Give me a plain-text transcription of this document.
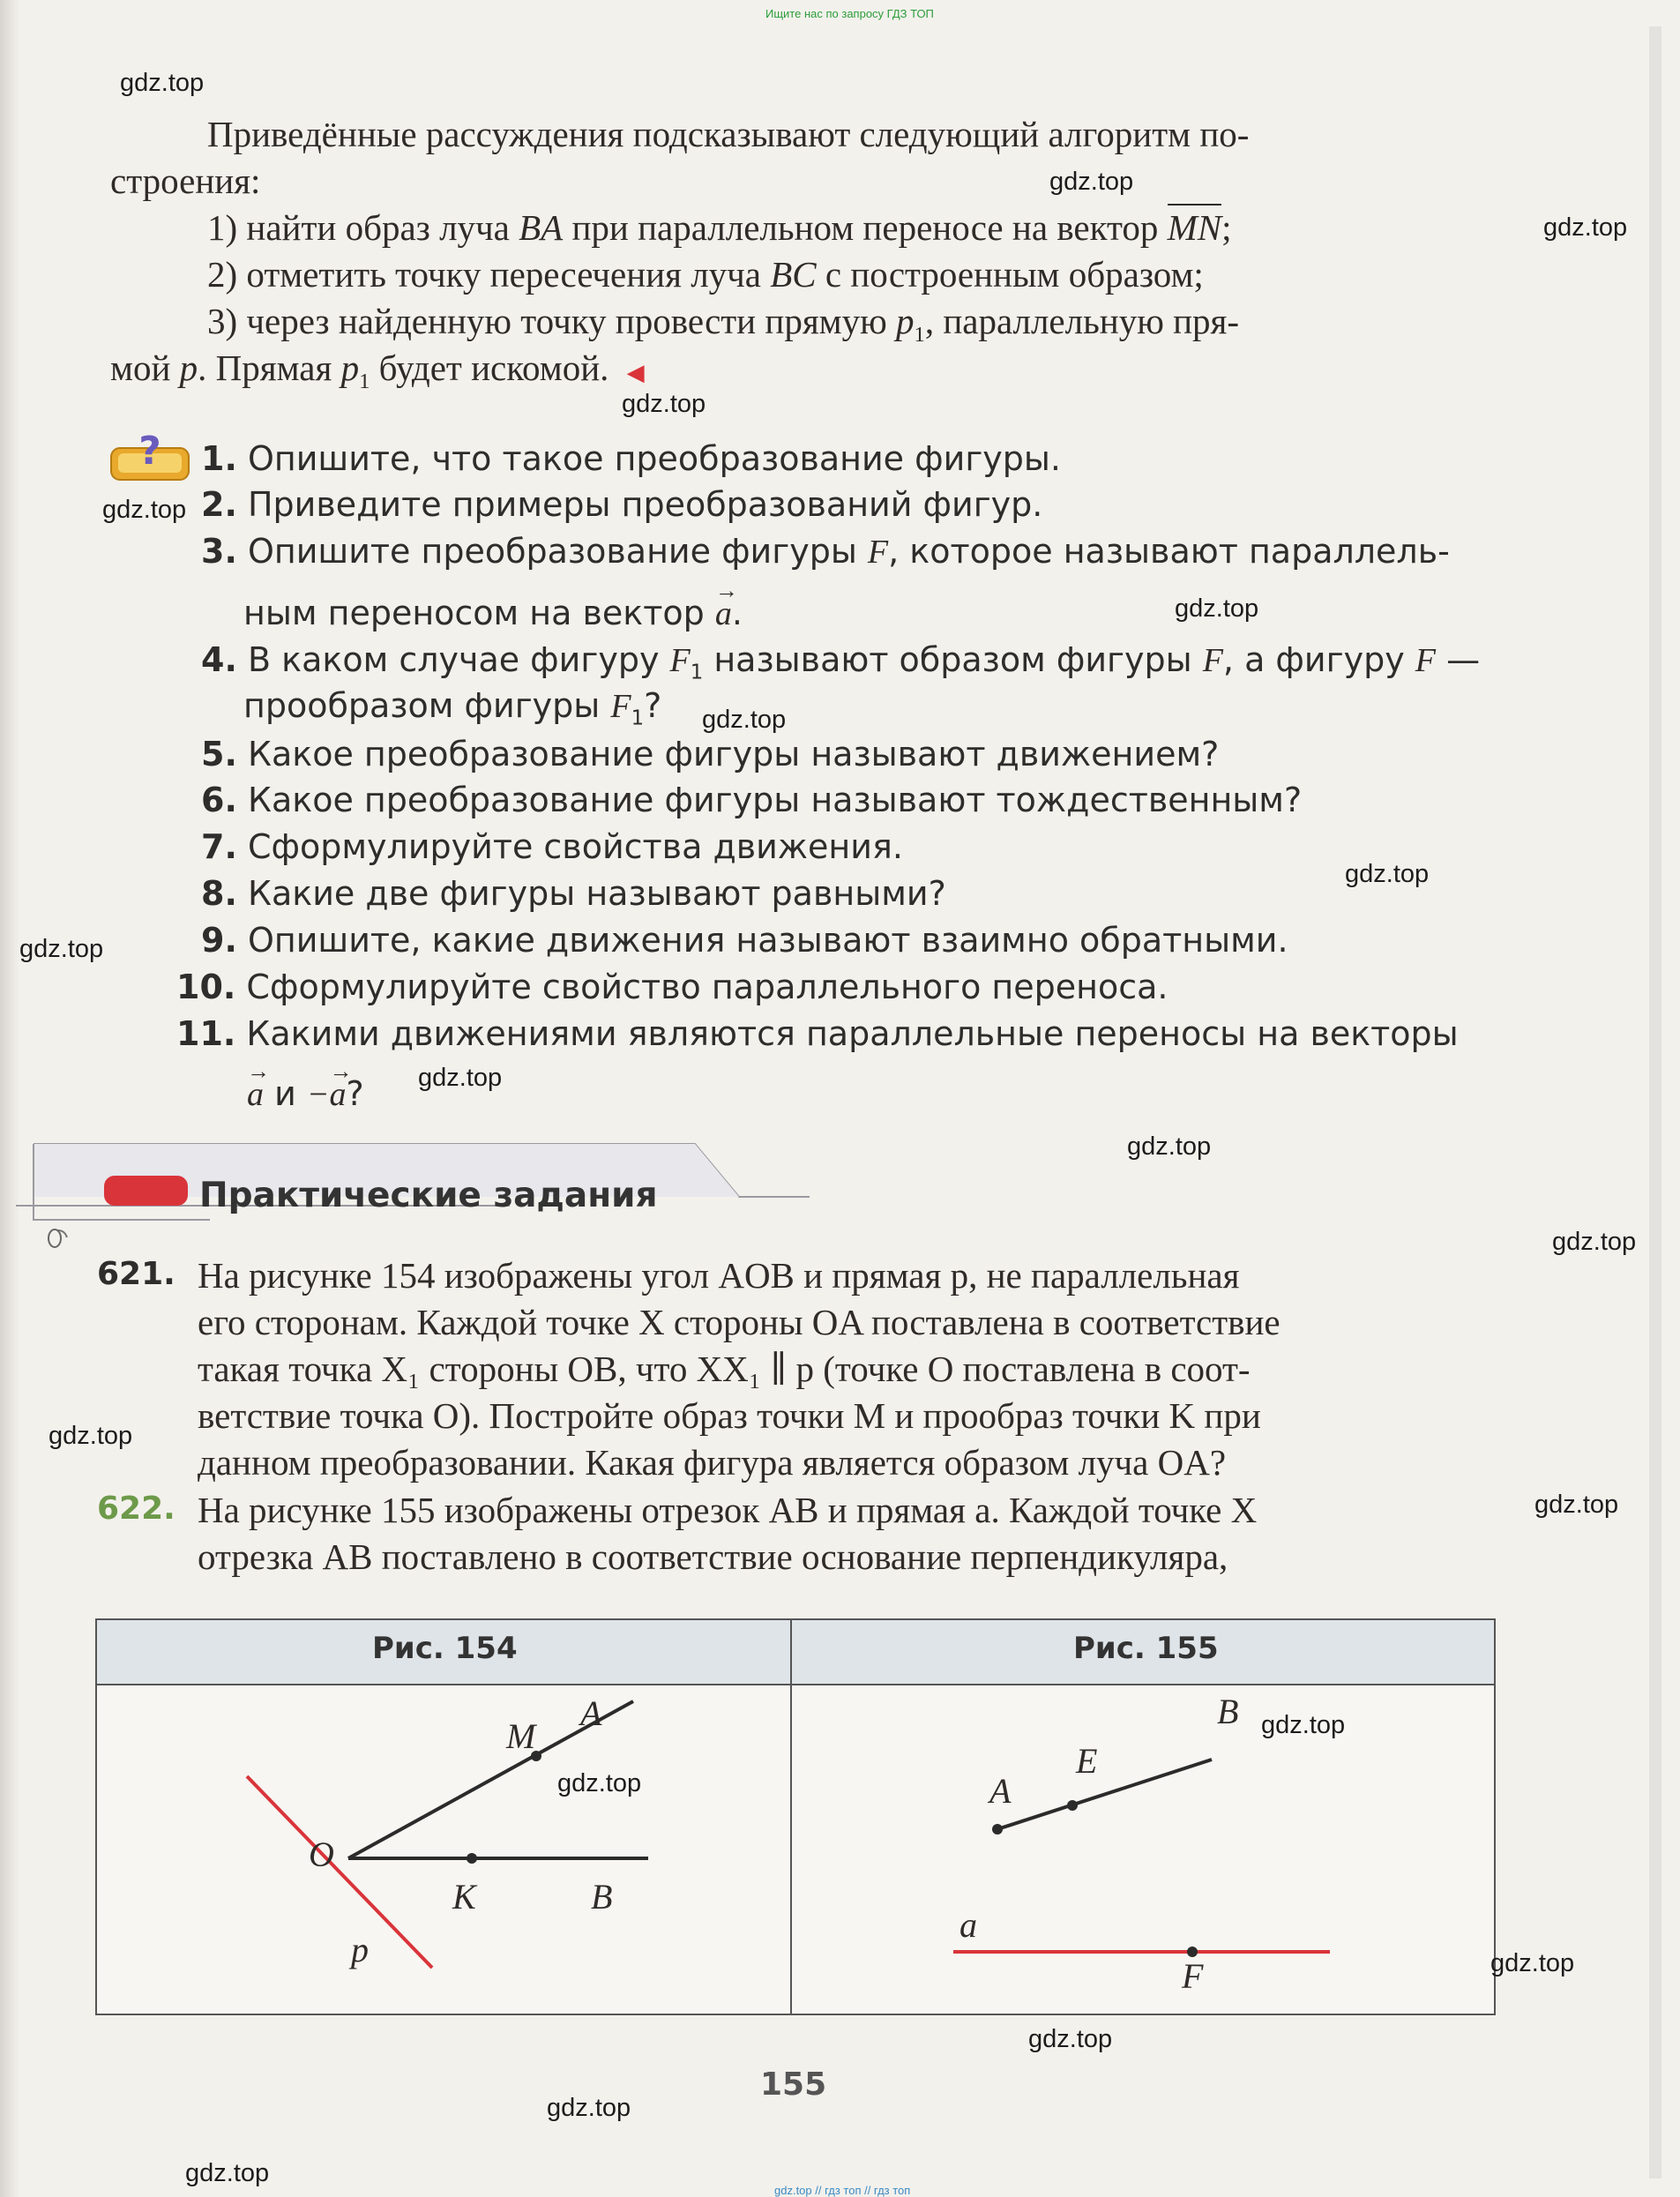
Ищите нас по запросу ГДЗ ТОП
gdz.top // гдз топ // гдз топ
Приведённые рассуждения подсказывают следующий алгоритм по-
строения:
1) найти образ луча BA при параллельном переносе на вектор MN;
2) отметить точку пересечения луча BC с построенным образом;
3) через найденную точку провести прямую $p_1$, параллельную пря-
мой p. Прямая $p_1$ будет искомой. ◀
? 1. Опишите, что такое преобразование фигуры.
2. Приведите примеры преобразований фигур.
3. Опишите преобразование фигуры F, которое называют параллель-
ным переносом на вектор → a.
4. В каком случае фигуру $F_1$ называют образом фигуры F, а фигуру F —
прообразом фигуры $F_1$?
5. Какое преобразование фигуры называют движением?
6. Какое преобразование фигуры называют тождественным?
7. Сформулируйте свойства движения.
8. Какие две фигуры называют равными?
9. Опишите, какие движения называют взаимно обратными.
10. Сформулируйте свойство параллельного переноса.
11. Какими движениями являются параллельные переносы на векторы
→ a и −→ a?
Практические задания
621. На рисунке 154 изображены угол AOB и прямая p, не параллельная
его сторонам. Каждой точке X стороны OA поставлена в соответствие
такая точка X₁ стороны OB, что XX₁ ∥ p (точке O поставлена в соот-
ветствие точка O). Постройте образ точки M и прообраз точки K при
данном преобразовании. Какая фигура является образом луча OA?
622. На рисунке 155 изображены отрезок AB и прямая a. Каждой точке X
отрезка AB поставлено в соответствие основание перпендикуляра,
Рис. 154	Рис. 155
A
M
O
K	B
p
A
E
B
a
F
155
gdz.top
gdz.top
gdz.top
gdz.top
gdz.top
gdz.top
gdz.top
gdz.top
gdz.top
gdz.top
gdz.top
gdz.top
gdz.top
gdz.top
gdz.top
gdz.top
gdz.top
gdz.top
gdz.top
gdz.top
